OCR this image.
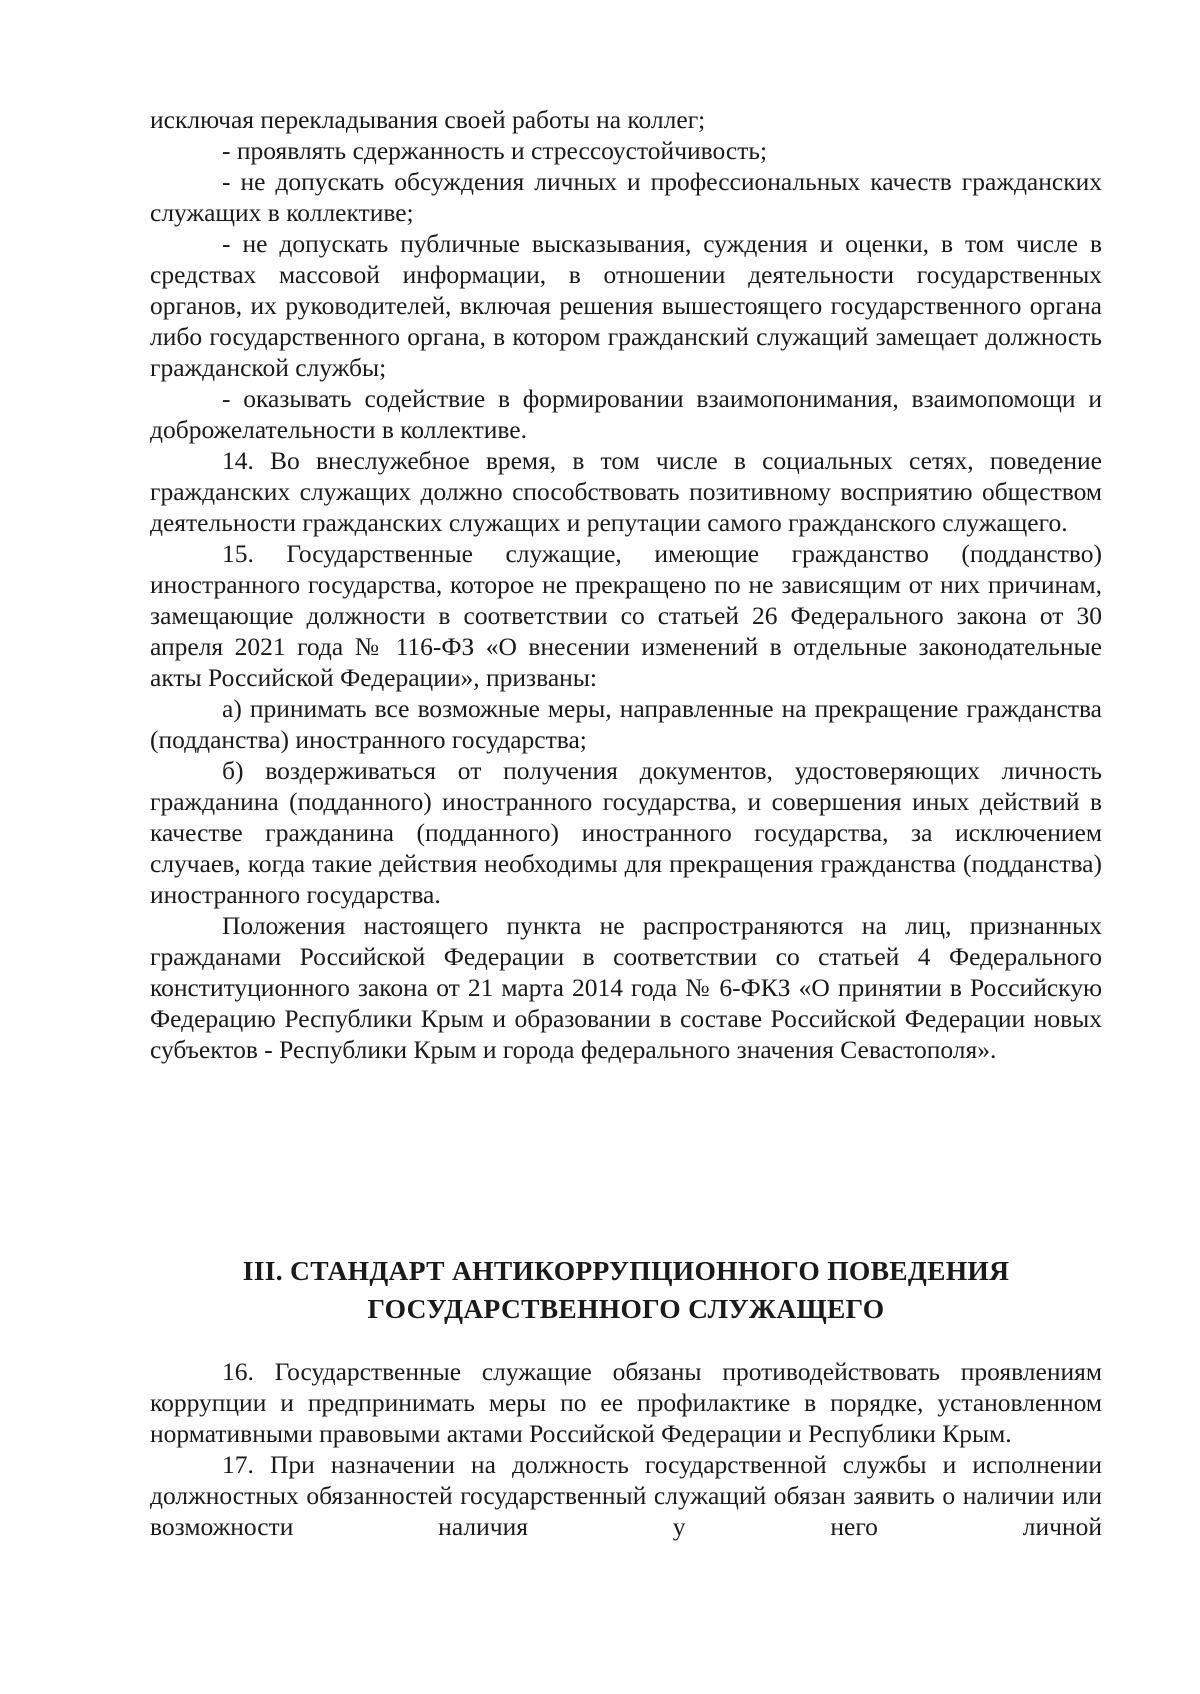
исключая перекладывания своей работы на коллег;

- проявлять сдержанность и стрессоустойчивость;

- не допускать обсуждения личных и профессиональных качеств гражданских служащих в коллективе;

- не допускать публичные высказывания, суждения и оценки, в том числе в средствах массовой информации, в отношении деятельности государственных органов, их руководителей, включая решения вышестоящего государственного органа либо государственного органа, в котором гражданский служащий замещает должность гражданской службы;

- оказывать содействие в формировании взаимопонимания, взаимопомощи и доброжелательности в коллективе.

14. Во внеслужебное время, в том числе в социальных сетях, поведение гражданских служащих должно способствовать позитивному восприятию обществом деятельности гражданских служащих и репутации самого гражданского служащего.

15. Государственные служащие, имеющие гражданство (подданство) иностранного государства, которое не прекращено по не зависящим от них причинам, замещающие должности в соответствии со статьей 26 Федерального закона от 30 апреля 2021 года № 116-ФЗ «О внесении изменений в отдельные законодательные акты Российской Федерации», призваны:

а) принимать все возможные меры, направленные на прекращение гражданства (подданства) иностранного государства;

б) воздерживаться от получения документов, удостоверяющих личность гражданина (подданного) иностранного государства, и совершения иных действий в качестве гражданина (подданного) иностранного государства, за исключением случаев, когда такие действия необходимы для прекращения гражданства (подданства) иностранного государства.

Положения настоящего пункта не распространяются на лиц, признанных гражданами Российской Федерации в соответствии со статьей 4 Федерального конституционного закона от 21 марта 2014 года № 6-ФКЗ «О принятии в Российскую Федерацию Республики Крым и образовании в составе Российской Федерации новых субъектов - Республики Крым и города федерального значения Севастополя».

III. СТАНДАРТ АНТИКОРРУПЦИОННОГО ПОВЕДЕНИЯ

ГОСУДАРСТВЕННОГО СЛУЖАЩЕГО

16. Государственные служащие обязаны противодействовать проявлениям коррупции и предпринимать меры по ее профилактике в порядке, установленном нормативными правовыми актами Российской Федерации и Республики Крым.

17. При назначении на должность государственной службы и исполнении должностных обязанностей государственный служащий обязан заявить о наличии или возможности наличия у него личной
